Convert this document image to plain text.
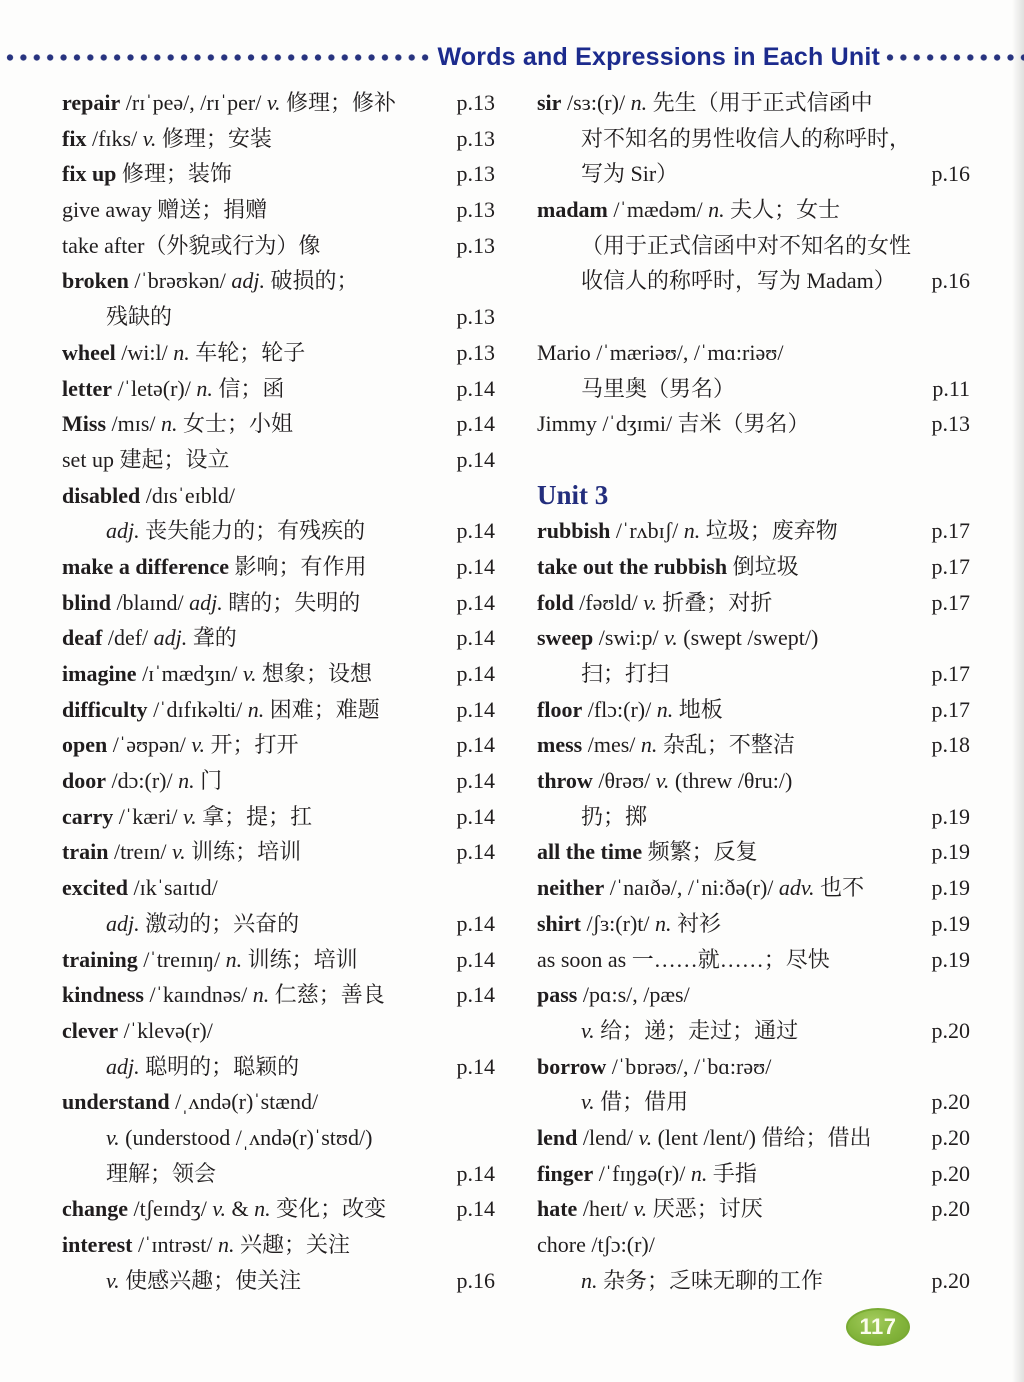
Words and Expressions in Each Unit
repair /rɪˈpeə/, /rɪˈper/ v. 修理；修补	p.13
fix /fɪks/ v. 修理；安装	p.13
fix up 修理；装饰	p.13
give away 赠送；捐赠	p.13
take after（外貌或行为）像	p.13
broken /ˈbrəʊkən/ adj. 破损的；
残缺的	p.13
wheel /wi:l/ n. 车轮；轮子	p.13
letter /ˈletə(r)/ n. 信；函	p.14
Miss /mɪs/ n. 女士；小姐	p.14
set up 建起；设立	p.14
disabled /dɪsˈeɪbld/
adj. 丧失能力的；有残疾的	p.14
make a difference 影响；有作用	p.14
blind /blaɪnd/ adj. 瞎的；失明的	p.14
deaf /def/ adj. 聋的	p.14
imagine /ɪˈmædʒɪn/ v. 想象；设想	p.14
difficulty /ˈdɪfɪkəlti/ n. 困难；难题	p.14
open /ˈəʊpən/ v. 开；打开	p.14
door /dɔ:(r)/ n. 门	p.14
carry /ˈkæri/ v. 拿；提；扛	p.14
train /treɪn/ v. 训练；培训	p.14
excited /ɪkˈsaɪtɪd/
adj. 激动的；兴奋的	p.14
training /ˈtreɪnɪŋ/ n. 训练；培训	p.14
kindness /ˈkaɪndnəs/ n. 仁慈；善良	p.14
clever /ˈklevə(r)/
adj. 聪明的；聪颖的	p.14
understand /ˌʌndə(r)ˈstænd/
v. (understood /ˌʌndə(r)ˈstʊd/)
理解；领会	p.14
change /tʃeɪndʒ/ v. & n. 变化；改变	p.14
interest /ˈɪntrəst/ n. 兴趣；关注
v. 使感兴趣；使关注	p.16
sir /sɜ:(r)/ n. 先生（用于正式信函中
对不知名的男性收信人的称呼时，
写为 Sir）	p.16
madam /ˈmædəm/ n. 夫人；女士
（用于正式信函中对不知名的女性
收信人的称呼时，写为 Madam） p.16
Mario /ˈmæriəʊ/, /ˈmɑ:riəʊ/
马里奥（男名）	p.11
Jimmy /ˈdʒɪmi/ 吉米（男名）	p.13
Unit 3
rubbish /ˈrʌbɪʃ/ n. 垃圾；废弃物	p.17
take out the rubbish 倒垃圾	p.17
fold /fəʊld/ v. 折叠；对折	p.17
sweep /swi:p/ v. (swept /swept/)
扫；打扫	p.17
floor /flɔ:(r)/ n. 地板	p.17
mess /mes/ n. 杂乱；不整洁	p.18
throw /θrəʊ/ v. (threw /θru:/)
扔；掷	p.19
all the time 频繁；反复	p.19
neither /ˈnaɪðə/, /ˈni:ðə(r)/ adv. 也不	p.19
shirt /ʃɜ:(r)t/ n. 衬衫	p.19
as soon as 一……就……；尽快	p.19
pass /pɑ:s/, /pæs/
v. 给；递；走过；通过	p.20
borrow /ˈbɒrəʊ/, /ˈbɑ:rəʊ/
v. 借；借用	p.20
lend /lend/ v. (lent /lent/) 借给；借出	p.20
finger /ˈfɪŋgə(r)/ n. 手指	p.20
hate /heɪt/ v. 厌恶；讨厌	p.20
chore /tʃɔ:(r)/
n. 杂务；乏味无聊的工作	p.20
117
